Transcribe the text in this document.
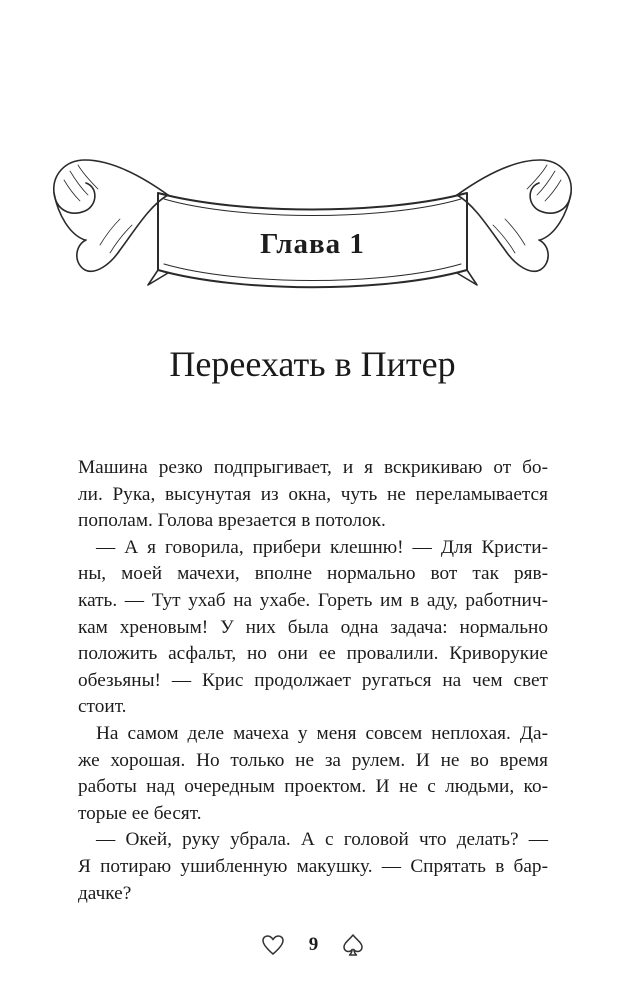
Глава 1
Переехать в Питер
Машина резко подпрыгивает, и я вскрикиваю от бо-
ли. Рука, высунутая из окна, чуть не переламывается
пополам. Голова врезается в потолок.
— А я говорила, прибери клешню! — Для Кристи-
ны, моей мачехи, вполне нормально вот так ряв-
кать. — Тут ухаб на ухабе. Гореть им в аду, работнич-
кам хреновым! У них была одна задача: нормально
положить асфальт, но они ее провалили. Криворукие
обезьяны! — Крис продолжает ругаться на чем свет
стоит.
На самом деле мачеха у меня совсем неплохая. Да-
же хорошая. Но только не за рулем. И не во время
работы над очередным проектом. И не с людьми, ко-
торые ее бесят.
— Окей, руку убрала. А с головой что делать? —
Я потираю ушибленную макушку. — Спрятать в бар-
дачке?
9
